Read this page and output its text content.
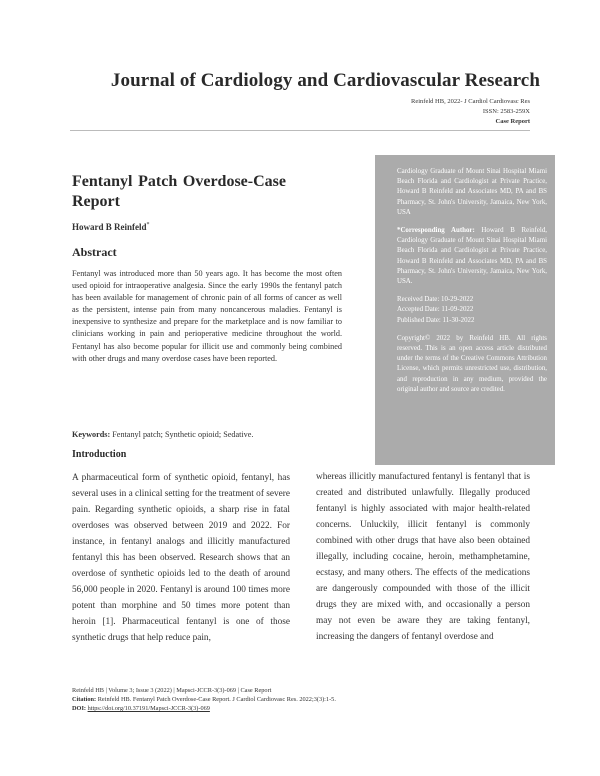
Journal of Cardiology and Cardiovascular Research
Reinfeld HB, 2022- J Cardiol Cardiovasc Res
ISSN: 2583-259X
Case Report
Fentanyl Patch Overdose-Case Report
Howard B Reinfeld*
Abstract

Fentanyl was introduced more than 50 years ago. It has become the most often used opioid for intraoperative analgesia. Since the early 1990s the fentanyl patch has been available for management of chronic pain of all forms of cancer as well as the persistent, intense pain from many noncancerous maladies. Fentanyl is inexpensive to synthesize and prepare for the marketplace and is now familiar to clinicians working in pain and perioperative medicine throughout the world. Fentanyl has also become popular for illicit use and commonly being combined with other drugs and many overdose cases have been reported.

Keywords: Fentanyl patch; Synthetic opioid; Sedative.
Introduction

A pharmaceutical form of synthetic opioid, fentanyl, has several uses in a clinical setting for the treatment of severe pain. Regarding synthetic opioids, a sharp rise in fatal overdoses was observed between 2019 and 2022. For instance, in fentanyl analogs and illicitly manufactured fentanyl this has been observed. Research shows that an overdose of synthetic opioids led to the death of around 56,000 people in 2020. Fentanyl is around 100 times more potent than morphine and 50 times more potent than heroin [1]. Pharmaceutical fentanyl is one of those synthetic drugs that help reduce pain,

whereas illicitly manufactured fentanyl is fentanyl that is created and distributed unlawfully. Illegally produced fentanyl is highly associated with major health-related concerns. Unluckily, illicit fentanyl is commonly combined with other drugs that have also been obtained illegally, including cocaine, heroin, methamphetamine, ecstasy, and many others. The effects of the medications are dangerously compounded with those of the illicit drugs they are mixed with, and occasionally a person may not even be aware they are taking fentanyl, increasing the dangers of fentanyl overdose and

Cardiology Graduate of Mount Sinai Hospital Miami Beach Florida and Cardiologist at Private Practice, Howard B Reinfeld and Associates MD, PA and BS Pharmacy, St. John's University, Jamaica, New York, USA

*Corresponding Author: Howard B Reinfeld, Cardiology Graduate of Mount Sinai Hospital Miami Beach Florida and Cardiologist at Private Practice, Howard B Reinfeld and Associates MD, PA and BS Pharmacy, St. John's University, Jamaica, New York, USA.

Received Date: 10-29-2022

Accepted Date: 11-09-2022

Published Date: 11-30-2022

Copyright© 2022 by Reinfeld HB. All rights reserved. This is an open access article distributed under the terms of the Creative Commons Attribution License, which permits unrestricted use, distribution, and reproduction in any medium, provided the original author and source are credited.

Reinfeld HB | Volume 3; Issue 3 (2022) | Mapsci-JCCR-3(3)-069 | Case Report
Citation: Reinfeld HB. Fentanyl Patch Overdose-Case Report. J Cardiol Cardiovasc Res. 2022;3(3):1-5.
DOI: https://doi.org/10.37191/Mapsci-JCCR-3(3)-069
